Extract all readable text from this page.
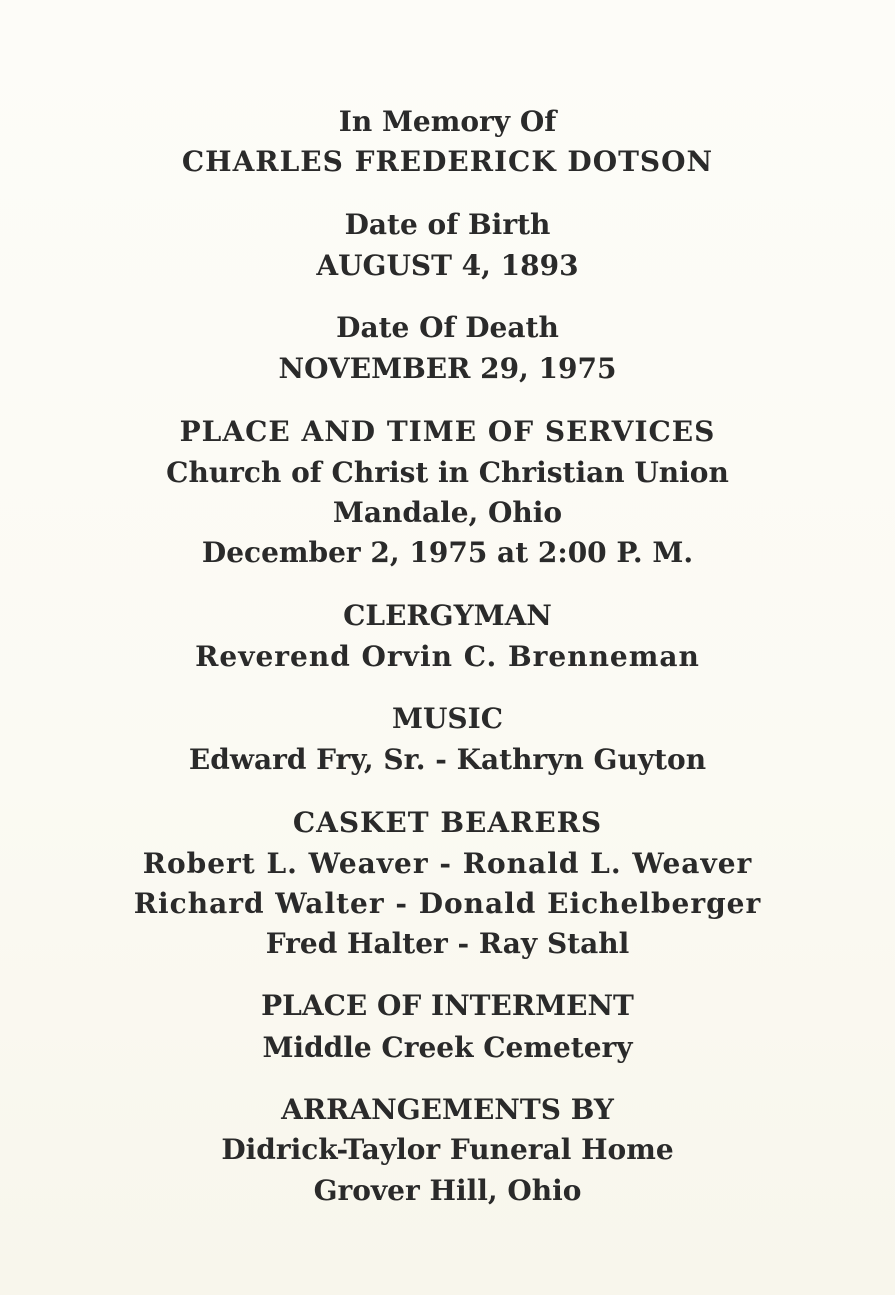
In Memory Of
CHARLES FREDERICK DOTSON
Date of Birth
AUGUST 4, 1893
Date Of Death
NOVEMBER 29, 1975
PLACE AND TIME OF SERVICES
Church of Christ in Christian Union
Mandale, Ohio
December 2, 1975 at 2:00 P. M.
CLERGYMAN
Reverend Orvin C. Brenneman
MUSIC
Edward Fry, Sr. - Kathryn Guyton
CASKET BEARERS
Robert L. Weaver - Ronald L. Weaver
Richard Walter - Donald Eichelberger
Fred Halter - Ray Stahl
PLACE OF INTERMENT
Middle Creek Cemetery
ARRANGEMENTS BY
Didrick-Taylor Funeral Home
Grover Hill, Ohio
